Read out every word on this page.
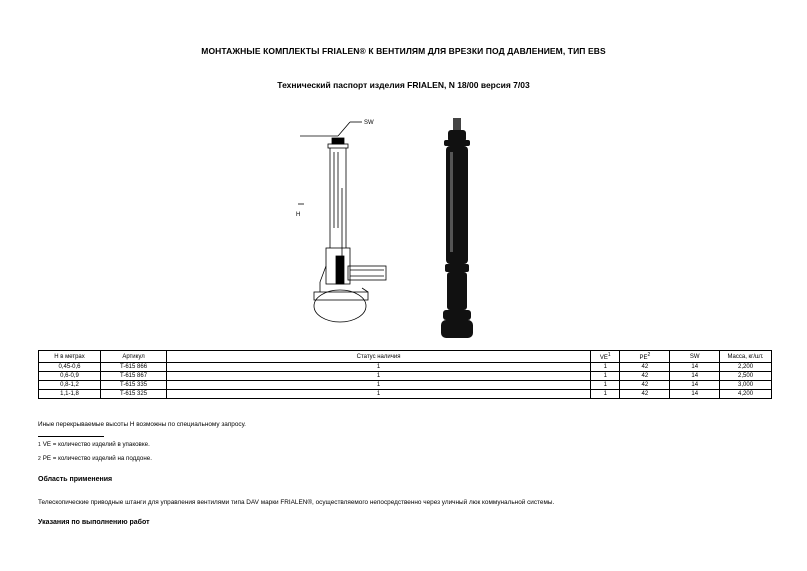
МОНТАЖНЫЕ КОМПЛЕКТЫ FRIALEN® К ВЕНТИЛЯМ ДЛЯ ВРЕЗКИ ПОД ДАВЛЕНИЕМ, ТИП EBS
Технический паспорт изделия FRIALEN, N 18/00 версия 7/03
SW
H
H в метрах	Артикул	Статус наличия	$VE^1$	$PE^2$	SW	Масса, кг/шт.
0,45-0,6	T-615 866	1	1	42	14	2,200
0,6-0,9	T-615 867	1	1	42	14	2,500
0,8-1,2	T-615 335	1	1	42	14	3,000
1,1-1,8	T-615 325	1	1	42	14	4,200
Иные перекрываемые высоты H возможны по специальному запросу.
1 VE = количество изделий в упаковке.
2 PE = количество изделий на поддоне.
Область применения
Телескопические приводные штанги для управления вентилями типа DAV марки FRIALEN®, осуществляемого непосредственно через уличный люк коммунальной системы.
Указания по выполнению работ
